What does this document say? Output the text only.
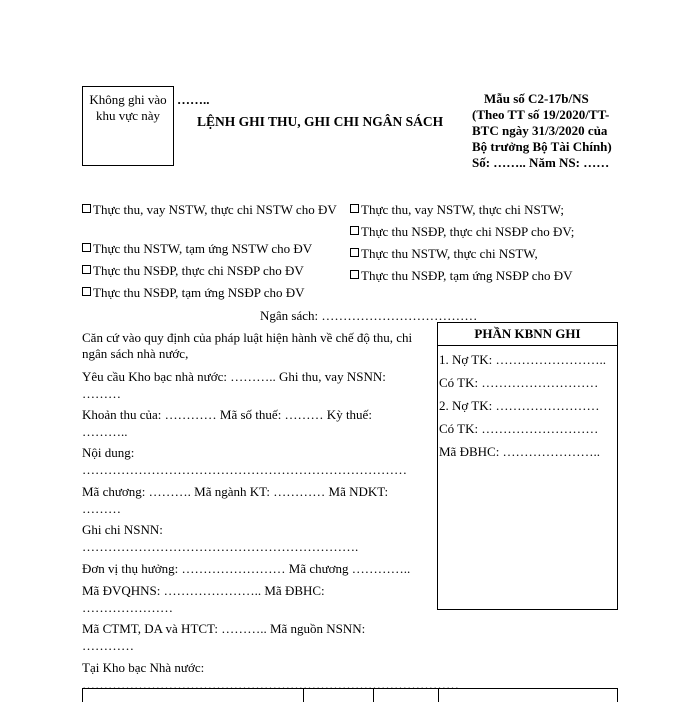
Không ghi vào
khu vực này
……..
LỆNH GHI THU, GHI CHI NGÂN SÁCH
Mẫu số C2-17b/NS
(Theo TT số 19/2020/TT-
BTC ngày 31/3/2020 của
Bộ trưởng Bộ Tài Chính)
Số: …….. Năm NS: ……
Thực thu, vay NSTW, thực chi NSTW cho ĐV
Thực thu NSTW, tạm ứng NSTW cho ĐV
Thực thu NSĐP, thực chi NSĐP cho ĐV
Thực thu NSĐP, tạm ứng NSĐP cho ĐV
Thực thu, vay NSTW, thực chi NSTW;
Thực thu NSĐP, thực chi NSĐP cho ĐV;
Thực thu NSTW, thực chi NSTW,
Thực thu NSĐP, tạm ứng NSĐP cho ĐV
Ngân sách: ………………………………
Căn cứ vào quy định của pháp luật hiện hành về chế độ thu, chi ngân sách nhà nước,
Yêu cầu Kho bạc nhà nước: ……….. Ghi thu, vay NSNN:
………
Khoản thu của: ………… Mã số thuế: ……… Kỳ thuế:
………..
Nội dung:
…………………………………………………………………
Mã chương: ………. Mã ngành KT: ………… Mã NDKT:
………
Ghi chi NSNN:
……………………………………………………….
Đơn vị thụ hưởng: …………………… Mã chương …………..
Mã ĐVQHNS: ………………….. Mã ĐBHC:
…………………
Mã CTMT, DA và HTCT: ……….. Mã nguồn NSNN:
…………
Tại Kho bạc Nhà nước:
……………………………………………………………………………
PHẦN KBNN GHI
1. Nợ TK: ……………………..
Có TK: ………………………
2. Nợ TK: ……………………
Có TK: ………………………
Mã ĐBHC: …………………..
